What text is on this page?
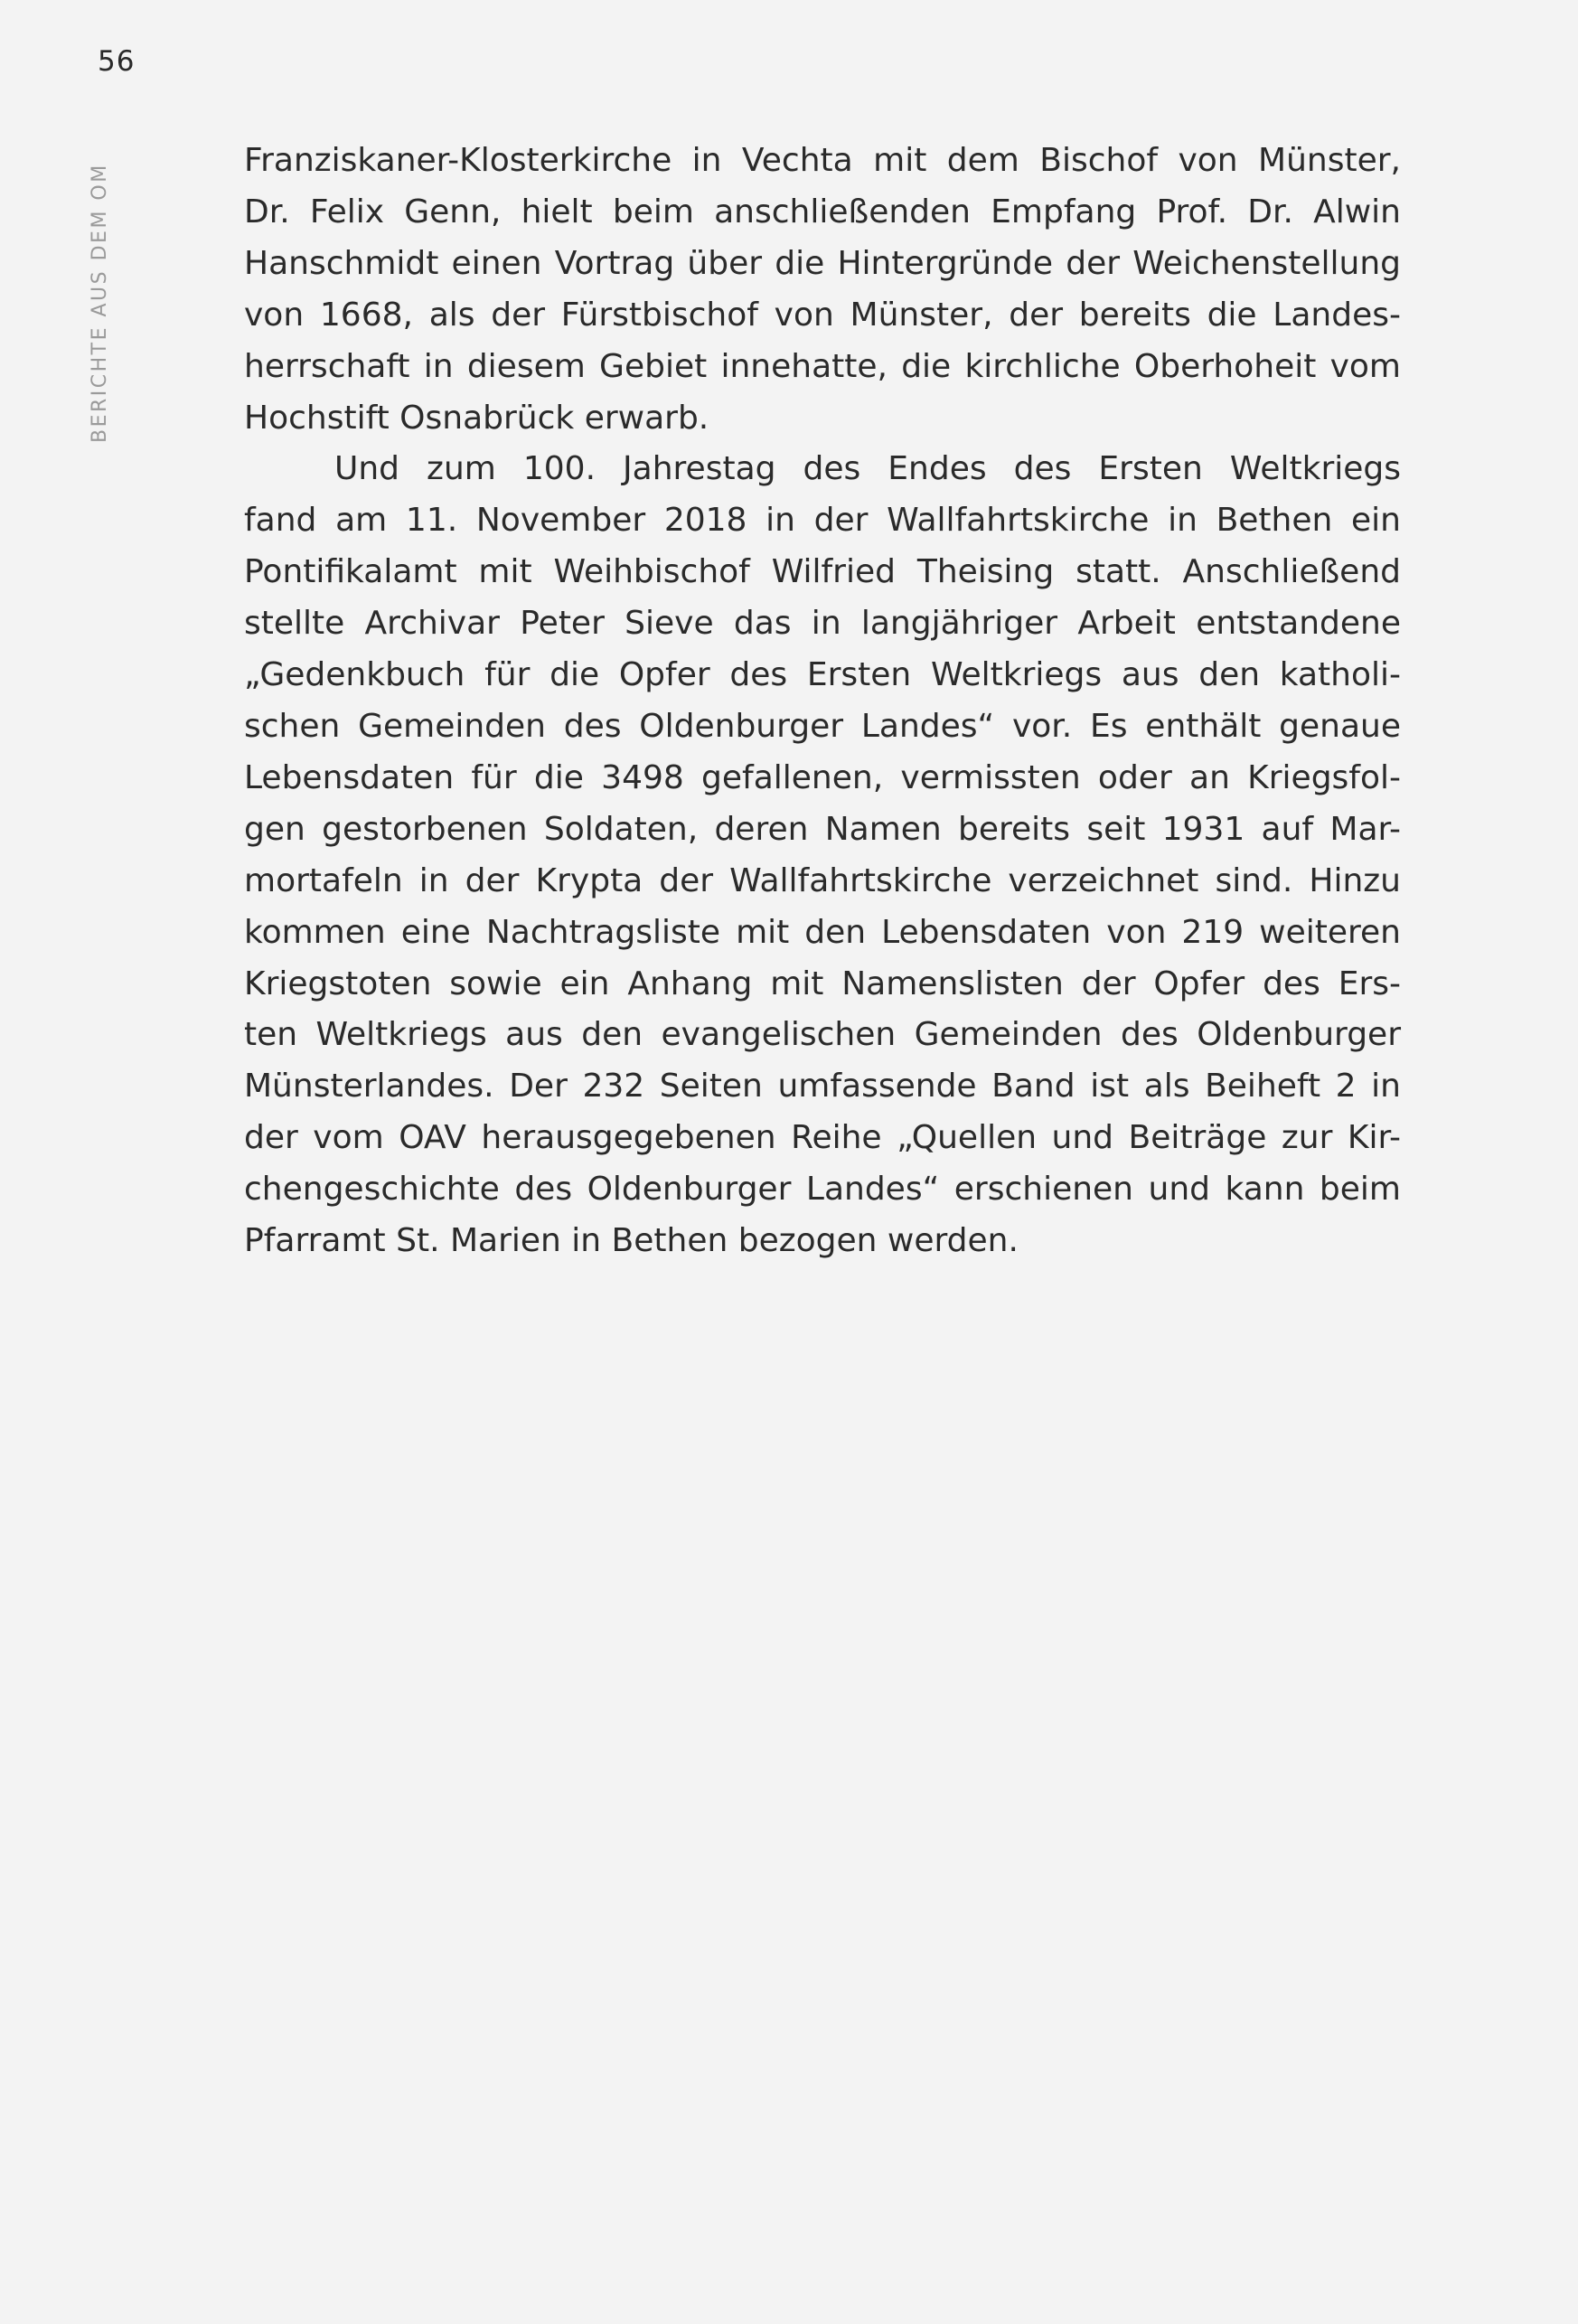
56
BERICHTE AUS DEM OM
Franziskaner-Klosterkirche in Vechta mit dem Bischof von Münster,
Dr. Felix Genn, hielt beim anschließenden Empfang Prof. Dr. Alwin
Hanschmidt einen Vortrag über die Hintergründe der Weichenstellung
von 1668, als der Fürstbischof von Münster, der bereits die Landes-
herrschaft in diesem Gebiet innehatte, die kirchliche Oberhoheit vom
Hochstift Osnabrück erwarb.
Und zum 100. Jahrestag des Endes des Ersten Weltkriegs
fand am 11. November 2018 in der Wallfahrtskirche in Bethen ein
Pontifikalamt mit Weihbischof Wilfried Theising statt. Anschließend
stellte Archivar Peter Sieve das in langjähriger Arbeit entstandene
„Gedenkbuch für die Opfer des Ersten Weltkriegs aus den katholi-
schen Gemeinden des Oldenburger Landes“ vor. Es enthält genaue
Lebensdaten für die 3498 gefallenen, vermissten oder an Kriegsfol-
gen gestorbenen Soldaten, deren Namen bereits seit 1931 auf Mar-
mortafeln in der Krypta der Wallfahrtskirche verzeichnet sind. Hinzu
kommen eine Nachtragsliste mit den Lebensdaten von 219 weiteren
Kriegstoten sowie ein Anhang mit Namenslisten der Opfer des Ers-
ten Weltkriegs aus den evangelischen Gemeinden des Oldenburger
Münsterlandes. Der 232 Seiten umfassende Band ist als Beiheft 2 in
der vom OAV herausgegebenen Reihe „Quellen und Beiträge zur Kir-
chengeschichte des Oldenburger Landes“ erschienen und kann beim
Pfarramt St. Marien in Bethen bezogen werden.
